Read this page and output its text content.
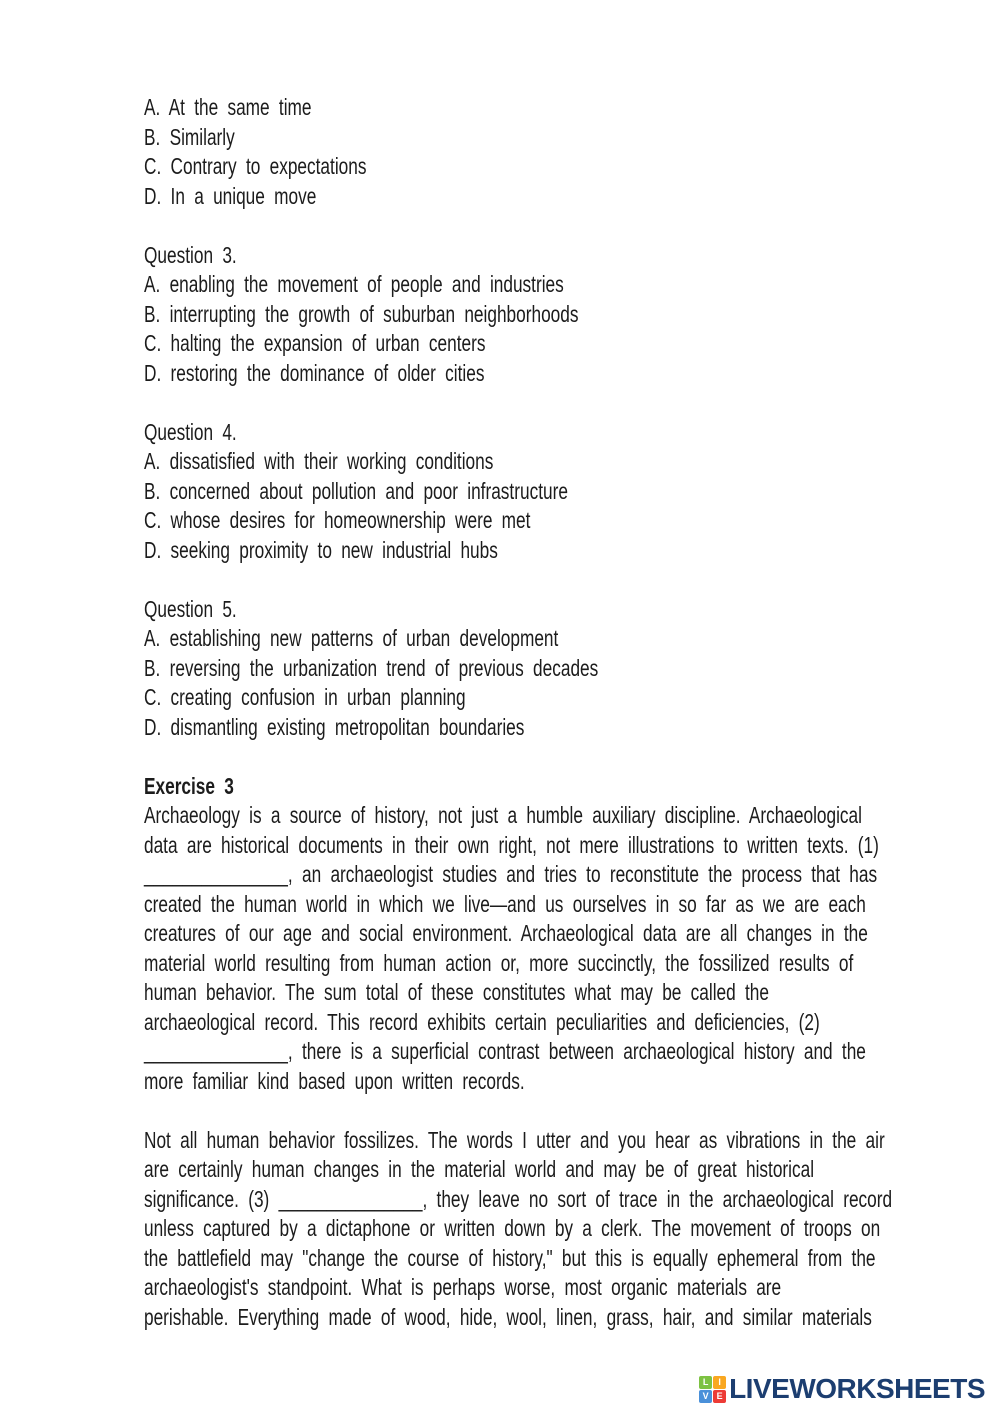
A. At the same time
B. Similarly
C. Contrary to expectations
D. In a unique move
Question 3.
A. enabling the movement of people and industries
B. interrupting the growth of suburban neighborhoods
C. halting the expansion of urban centers
D. restoring the dominance of older cities
Question 4.
A. dissatisfied with their working conditions
B. concerned about pollution and poor infrastructure
C. whose desires for homeownership were met
D. seeking proximity to new industrial hubs
Question 5.
A. establishing new patterns of urban development
B. reversing the urbanization trend of previous decades
C. creating confusion in urban planning
D. dismantling existing metropolitan boundaries
Exercise 3
Archaeology is a source of history, not just a humble auxiliary discipline. Archaeological
data are historical documents in their own right, not mere illustrations to written texts. (1)
_______________, an archaeologist studies and tries to reconstitute the process that has
created the human world in which we live—and us ourselves in so far as we are each
creatures of our age and social environment. Archaeological data are all changes in the
material world resulting from human action or, more succinctly, the fossilized results of
human behavior. The sum total of these constitutes what may be called the
archaeological record. This record exhibits certain peculiarities and deficiencies, (2)
_______________, there is a superficial contrast between archaeological history and the
more familiar kind based upon written records.
Not all human behavior fossilizes. The words I utter and you hear as vibrations in the air
are certainly human changes in the material world and may be of great historical
significance. (3) _______________, they leave no sort of trace in the archaeological record
unless captured by a dictaphone or written down by a clerk. The movement of troops on
the battlefield may "change the course of history," but this is equally ephemeral from the
archaeologist's standpoint. What is perhaps worse, most organic materials are
perishable. Everything made of wood, hide, wool, linen, grass, hair, and similar materials
L	I
V E LIVEWORKSHEETS
